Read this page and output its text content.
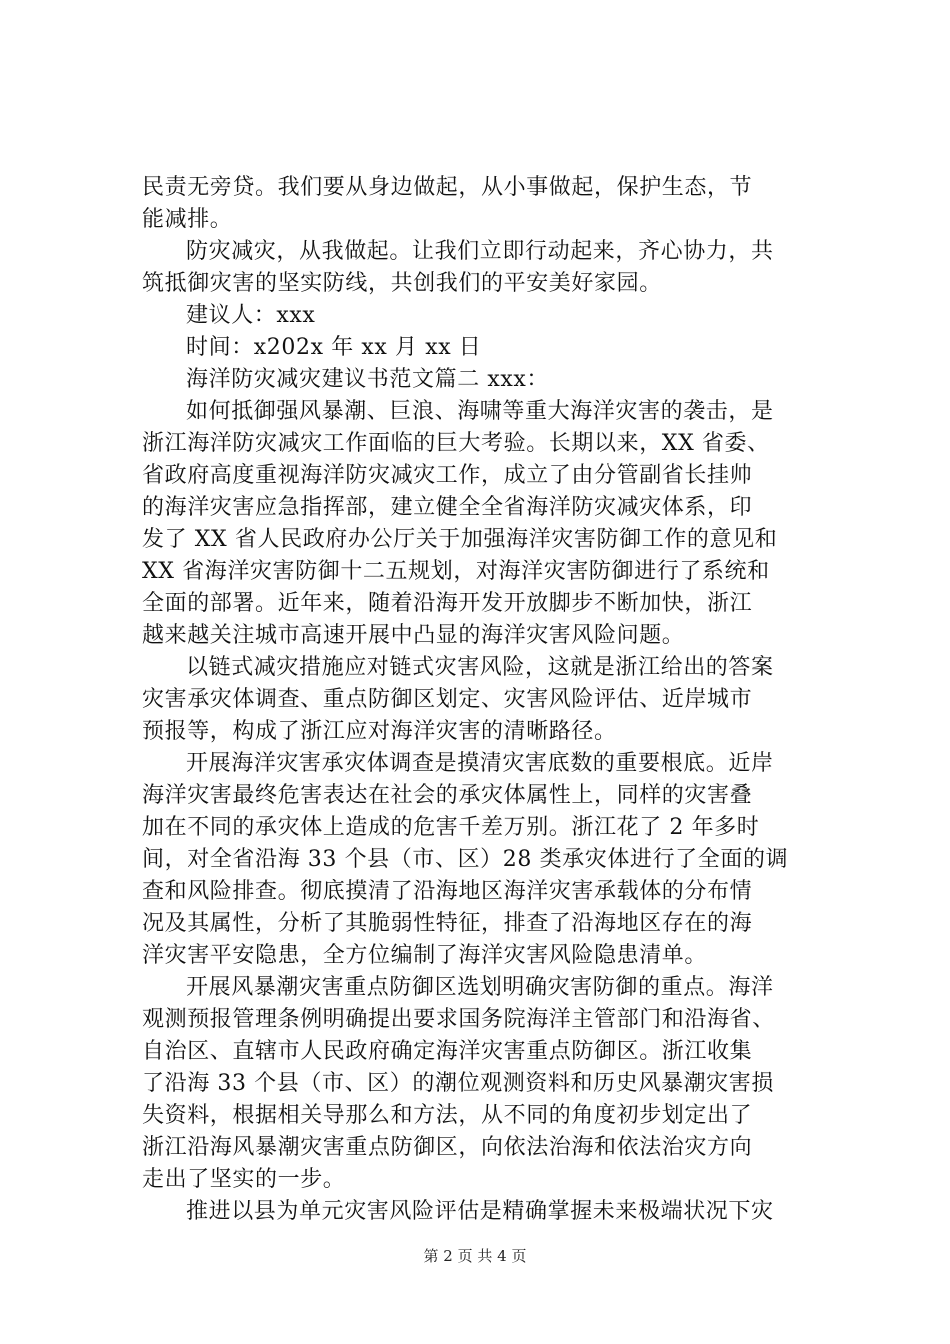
民责无旁贷。我们要从身边做起，从小事做起，保护生态，节
能减排。
防灾减灾，从我做起。让我们立即行动起来，齐心协力，共
筑抵御灾害的坚实防线，共创我们的平安美好家园。
建议人：xxx
时间：x202x 年 xx 月 xx 日
海洋防灾减灾建议书范文篇二 xxx：
如何抵御强风暴潮、巨浪、海啸等重大海洋灾害的袭击，是
浙江海洋防灾减灾工作面临的巨大考验。长期以来，XX 省委、
省政府高度重视海洋防灾减灾工作，成立了由分管副省长挂帅
的海洋灾害应急指挥部，建立健全全省海洋防灾减灾体系，印
发了 XX 省人民政府办公厅关于加强海洋灾害防御工作的意见和
XX 省海洋灾害防御十二五规划，对海洋灾害防御进行了系统和
全面的部署。近年来，随着沿海开发开放脚步不断加快，浙江
越来越关注城市高速开展中凸显的海洋灾害风险问题。
以链式减灾措施应对链式灾害风险，这就是浙江给出的答案
灾害承灾体调查、重点防御区划定、灾害风险评估、近岸城市
预报等，构成了浙江应对海洋灾害的清晰路径。
开展海洋灾害承灾体调查是摸清灾害底数的重要根底。近岸
海洋灾害最终危害表达在社会的承灾体属性上，同样的灾害叠
加在不同的承灾体上造成的危害千差万别。浙江花了 2 年多时
间，对全省沿海 33 个县（市、区）28 类承灾体进行了全面的调
查和风险排查。彻底摸清了沿海地区海洋灾害承载体的分布情
况及其属性，分析了其脆弱性特征，排查了沿海地区存在的海
洋灾害平安隐患，全方位编制了海洋灾害风险隐患清单。
开展风暴潮灾害重点防御区选划明确灾害防御的重点。海洋
观测预报管理条例明确提出要求国务院海洋主管部门和沿海省、
自治区、直辖市人民政府确定海洋灾害重点防御区。浙江收集
了沿海 33 个县（市、区）的潮位观测资料和历史风暴潮灾害损
失资料，根据相关导那么和方法，从不同的角度初步划定出了
浙江沿海风暴潮灾害重点防御区，向依法治海和依法治灾方向
走出了坚实的一步。
推进以县为单元灾害风险评估是精确掌握未来极端状况下灾
第 2 页 共 4 页
